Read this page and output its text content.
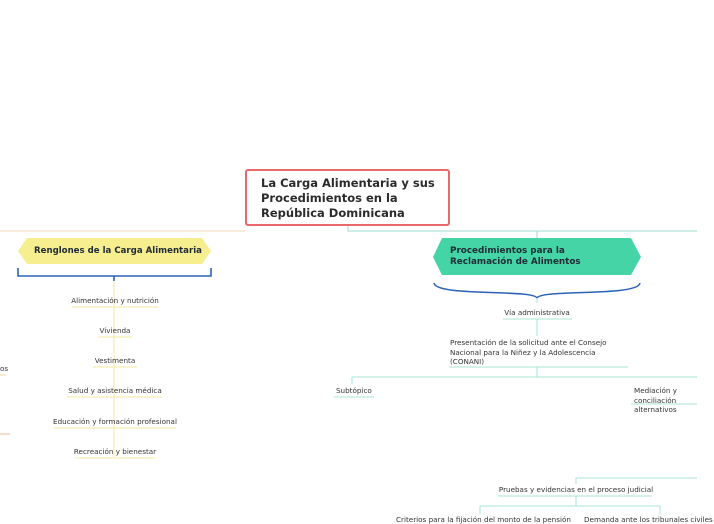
La Carga Alimentaria y sus Procedimientos en la República Dominicana
Renglones de la Carga Alimentaria
Alimentación y nutrición
Vivienda
Vestimenta
Salud y asistencia médica
Educación y formación profesional
Recreación y bienestar
os
Procedimientos para la Reclamación de Alimentos
Vía administrativa
Presentación de la solicitud ante el Consejo Nacional para la Niñez y la Adolescencia (CONANI)
Subtópico	Mediación y conciliación alternativos
Pruebas y evidencias en el proceso judicial
Criterios para la fijación del monto de la pensión Demanda ante los tribunales civiles
